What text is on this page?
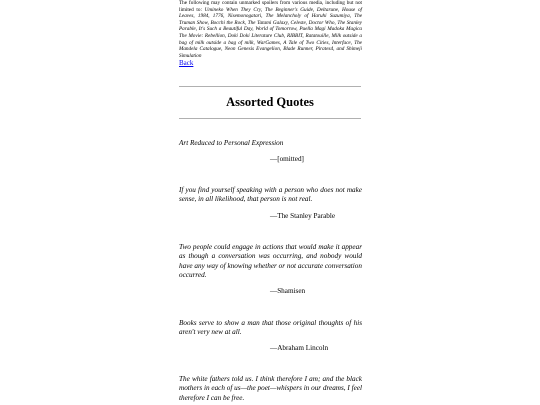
The following may contain unmarked spoilers from various media, including but not limited to: Umineko When They Cry, The Beginner's Guide, Deltarune, House of Leaves, 1984, 1776, Nisemonogatari, The Melancholy of Haruhi Suzumiya, The Truman Show, Bocchi the Rock, The Tatami Galaxy, Celeste, Doctor Who, The Stanley Parable, It's Such a Beautiful Day, World of Tomorrow, Puella Magi Madoka Magica The Movie: Rebellion, Doki Doki Literature Club, RIBBIT, Ratatouille, Milk outside a bag of milk outside a bag of milk, WarGames, A Tale of Two Cities, Interface, The Mandela Catalogue, Neon Genesis Evangelion, Blade Runner, Pirates4, and Shimeji Simulation

Back
Assorted Quotes

Art Reduced to Personal Expression

—[omitted]

If you find yourself speaking with a person who does not make sense, in all likelihood, that person is not real.

—The Stanley Parable

Two people could engage in actions that would make it appear as though a conversation was occurring, and nobody would have any way of knowing whether or not accurate conversation occurred.

—Shamisen

Books serve to show a man that those original thoughts of his aren't very new at all.

—Abraham Lincoln

The white fathers told us. I think therefore I am; and the black mothers in each of us—the poet—whispers in our dreams, I feel therefore I can be free.
